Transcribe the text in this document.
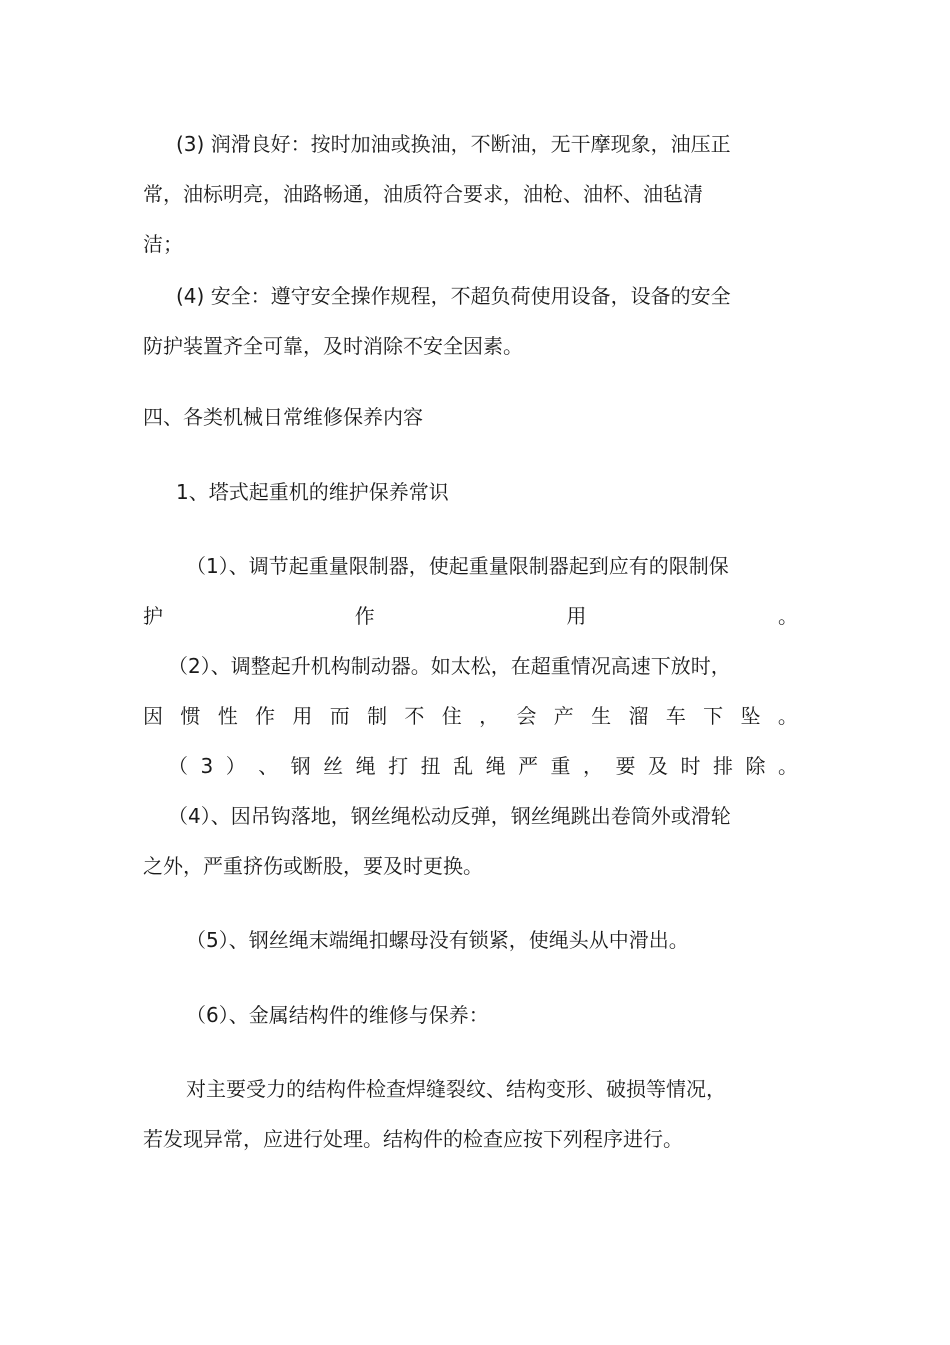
(3) 润滑良好：按时加油或换油，不断油，无干摩现象，油压正

常，油标明亮，油路畅通，油质符合要求，油枪、油杯、油毡清

洁；

(4) 安全：遵守安全操作规程，不超负荷使用设备，设备的安全

防护装置齐全可靠，及时消除不安全因素。

四、各类机械日常维修保养内容

1、塔式起重机的维护保养常识

（1）、调节起重量限制器，使起重量限制器起到应有的限制保

护	作	用	。

（2）、调整起升机构制动器。如太松，在超重情况高速下放时，

因 惯 性 作 用 而 制 不 住 ， 会 产 生 溜 车 下 坠 。
（ 3 ） 、 钢 丝 绳 打 扭 乱 绳 严 重 ， 要 及 时 排 除 。

（4）、因吊钩落地，钢丝绳松动反弹，钢丝绳跳出卷筒外或滑轮

之外，严重挤伤或断股，要及时更换。

（5）、钢丝绳末端绳扣螺母没有锁紧，使绳头从中滑出。

（6）、金属结构件的维修与保养：

对主要受力的结构件检查焊缝裂纹、结构变形、破损等情况，

若发现异常，应进行处理。结构件的检查应按下列程序进行。
